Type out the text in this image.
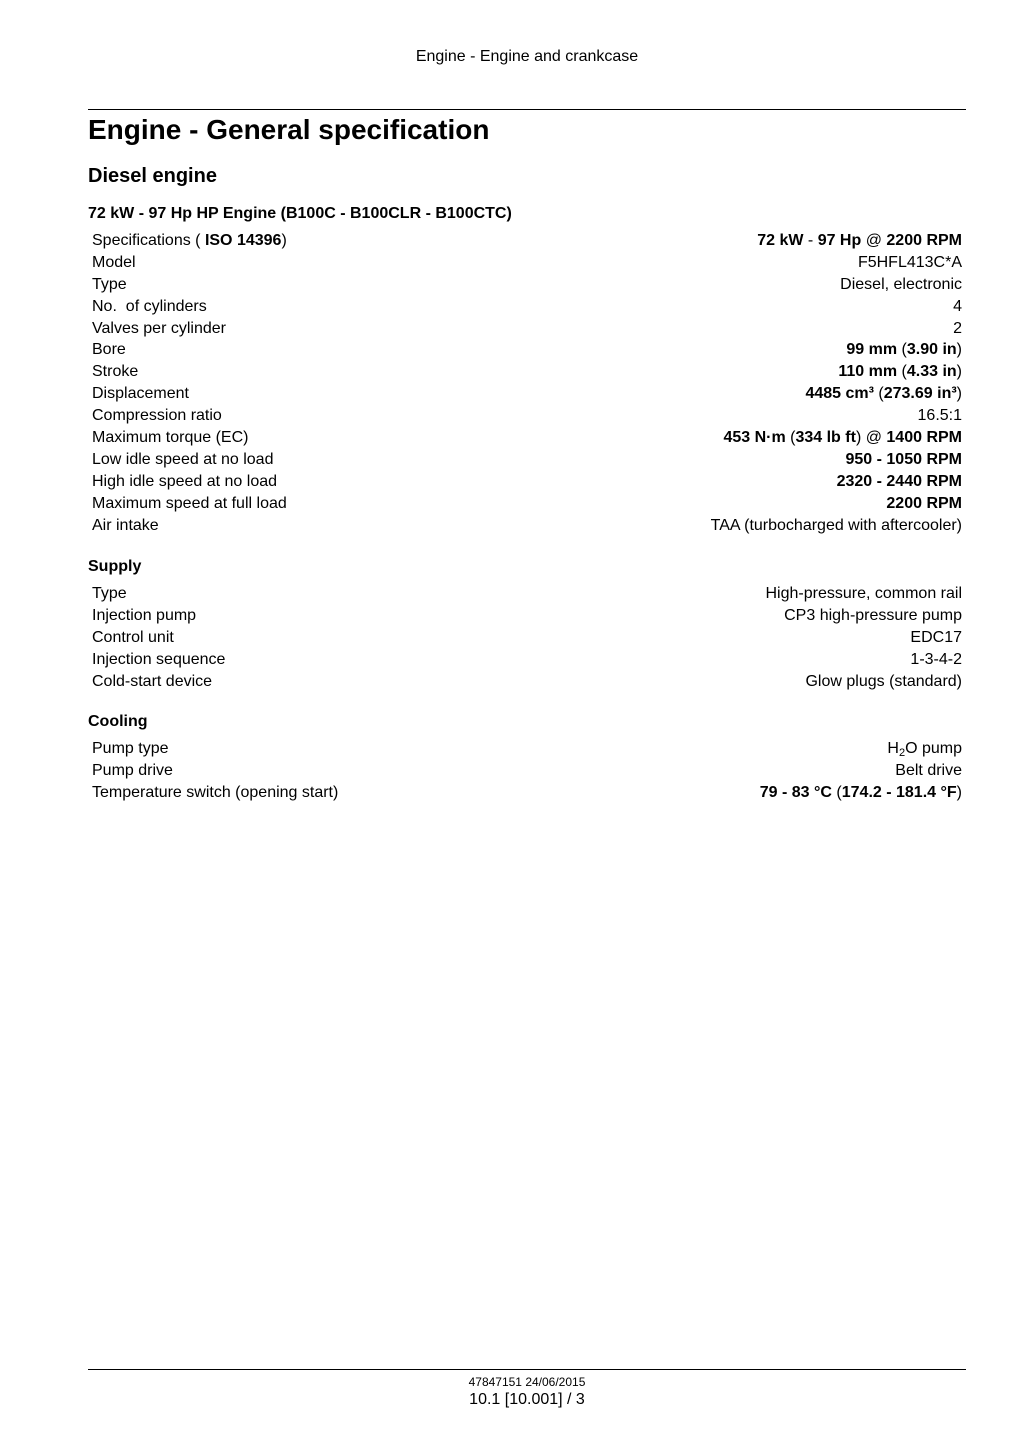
Engine - Engine and crankcase
Engine - General specification
Diesel engine
72 kW - 97 Hp HP Engine (B100C - B100CLR - B100CTC)
Specifications ( ISO 14396)	72 kW - 97 Hp @ 2200 RPM
Model	F5HFL413C*A
Type	Diesel, electronic
No.  of cylinders	4
Valves per cylinder	2
Bore	99 mm (3.90 in)
Stroke	110 mm (4.33 in)
Displacement	4485 cm³ (273.69 in³)
Compression ratio	16.5:1
Maximum torque (EC)	453 N·m (334 lb ft) @ 1400 RPM
Low idle speed at no load	950 - 1050 RPM
High idle speed at no load	2320 - 2440 RPM
Maximum speed at full load	2200 RPM
Air intake	TAA (turbocharged with aftercooler)
Supply
Type	High-pressure, common rail
Injection pump	CP3 high-pressure pump
Control unit	EDC17
Injection sequence	1-3-4-2
Cold-start device	Glow plugs (standard)
Cooling
Pump type	$H_2O$ pump
Pump drive	Belt drive
Temperature switch (opening start)	79 - 83 °C (174.2 - 181.4 °F)
47847151 24/06/2015
10.1 [10.001] / 3
